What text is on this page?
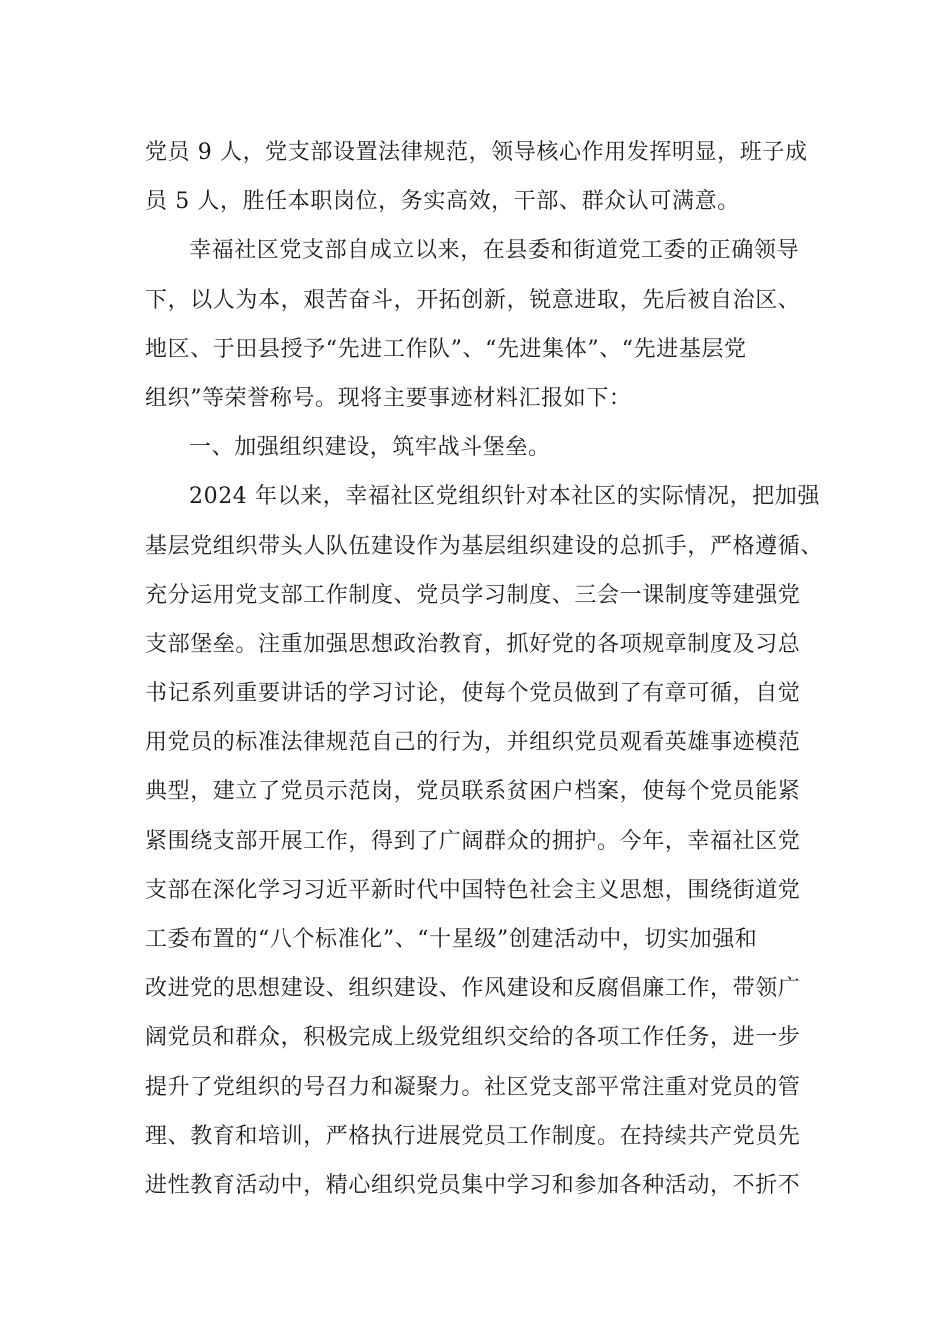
党员 9 人，党支部设置法律规范，领导核心作用发挥明显，班子成
员 5 人，胜任本职岗位，务实高效，干部、群众认可满意。
幸福社区党支部自成立以来，在县委和街道党工委的正确领导
下，以人为本，艰苦奋斗，开拓创新，锐意进取，先后被自治区、
地区、于田县授予“先进工作队”、“先进集体”、“先进基层党
组织”等荣誉称号。现将主要事迹材料汇报如下：
一、加强组织建设，筑牢战斗堡垒。
2024 年以来，幸福社区党组织针对本社区的实际情况，把加强
基层党组织带头人队伍建设作为基层组织建设的总抓手，严格遵循、
充分运用党支部工作制度、党员学习制度、三会一课制度等建强党
支部堡垒。注重加强思想政治教育，抓好党的各项规章制度及习总
书记系列重要讲话的学习讨论，使每个党员做到了有章可循，自觉
用党员的标准法律规范自己的行为，并组织党员观看英雄事迹模范
典型，建立了党员示范岗，党员联系贫困户档案，使每个党员能紧
紧围绕支部开展工作，得到了广阔群众的拥护。今年，幸福社区党
支部在深化学习习近平新时代中国特色社会主义思想，围绕街道党
工委布置的“八个标准化”、“十星级”创建活动中，切实加强和
改进党的思想建设、组织建设、作风建设和反腐倡廉工作，带领广
阔党员和群众，积极完成上级党组织交给的各项工作任务，进一步
提升了党组织的号召力和凝聚力。社区党支部平常注重对党员的管
理、教育和培训，严格执行进展党员工作制度。在持续共产党员先
进性教育活动中，精心组织党员集中学习和参加各种活动，不折不
